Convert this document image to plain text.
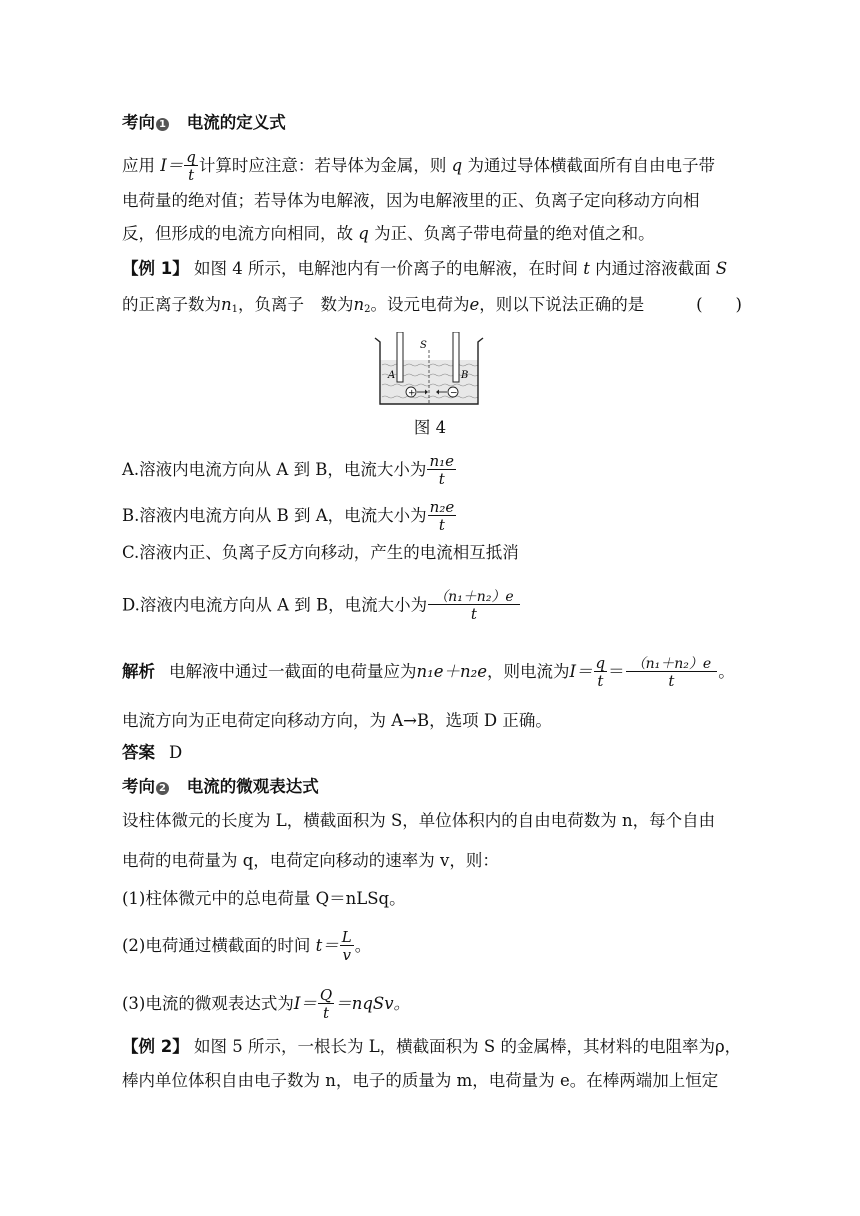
考向 1 电流的定义式
应用 $I= \frac{q}{t}$ 计算时应注意：若导体为金属，则 q 为通过导体横截面所有自由电子带
电荷量的绝对值；若导体为电解液，因为电解液里的正、负离子定向移动方向相
反，但形成的电流方向相同，故 q 为正、负离子带电荷量的绝对值之和。
【例 1】 如图 4 所示，电解池内有一价离子的电解液，在时间 t 内通过溶液截面 S
的正离子数为$n_1$，负离子　数为$n_2$。设元电荷为e，则以下说法正确的是	(　　)
S
A	B
+	−
图 4
A.溶液内电流方向从 A 到 B，电流大小为 $\frac{\text{n₁e}}{t}$
B.溶液内电流方向从 B 到 A，电流大小为 $\frac{\text{n₂e}}{t}$
C.溶液内正、负离子反方向移动，产生的电流相互抵消
D.溶液内电流方向从 A 到 B，电流大小为 $\frac{\text{（n₁＋n₂）e}}{t}$
解析 电解液中通过一截面的电荷量应为n₁e＋n₂e，则电流为$I= \frac{q}{t} = \frac{\text{（n₁＋n₂）e}}{t}$ 。
电流方向为正电荷定向移动方向，为 A→B，选项 D 正确。
答案 D
考向 2 电流的微观表达式
设柱体微元的长度为 L，横截面积为 S，单位体积内的自由电荷数为 n，每个自由
电荷的电荷量为 q，电荷定向移动的速率为 v，则：
(1)柱体微元中的总电荷量 Q＝nLSq。
(2)电荷通过横截面的时间 $t= \frac{L}{v}$ 。
(3)电流的微观表达式为$I= \frac{Q}{t}$ ＝nqSv。
【例 2】 如图 5 所示，一根长为 L，横截面积为 S 的金属棒，其材料的电阻率为ρ，
棒内单位体积自由电子数为 n，电子的质量为 m，电荷量为 e。在棒两端加上恒定
